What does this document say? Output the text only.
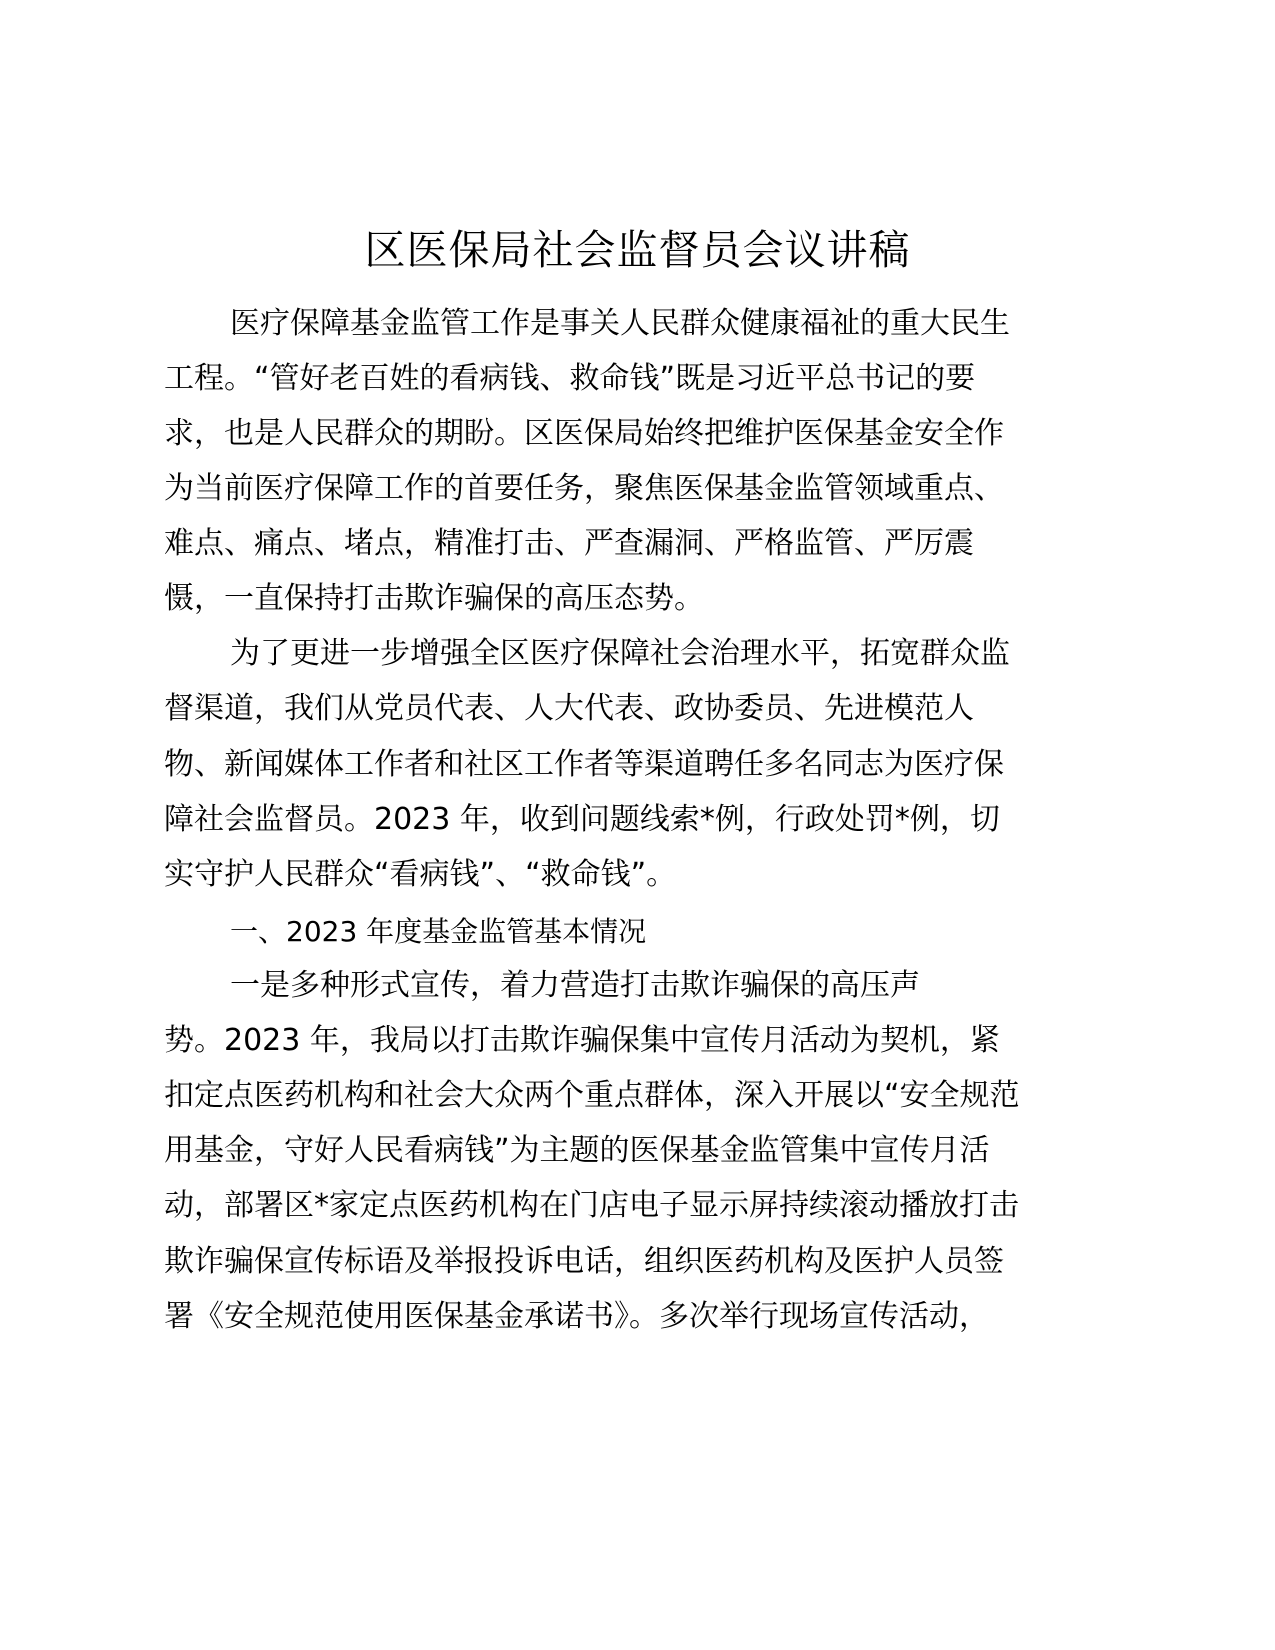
区医保局社会监督员会议讲稿
医疗保障基金监管工作是事关人民群众健康福祉的重大民生
工程。“管好老百姓的看病钱、救命钱”既是习近平总书记的要
求，也是人民群众的期盼。区医保局始终把维护医保基金安全作
为当前医疗保障工作的首要任务，聚焦医保基金监管领域重点、
难点、痛点、堵点，精准打击、严查漏洞、严格监管、严厉震
慑，一直保持打击欺诈骗保的高压态势。
为了更进一步增强全区医疗保障社会治理水平，拓宽群众监
督渠道，我们从党员代表、人大代表、政协委员、先进模范人
物、新闻媒体工作者和社区工作者等渠道聘任多名同志为医疗保
障社会监督员。2023 年，收到问题线索*例，行政处罚*例，切
实守护人民群众“看病钱”、“救命钱”。
一、2023 年度基金监管基本情况
一是多种形式宣传，着力营造打击欺诈骗保的高压声
势。2023 年，我局以打击欺诈骗保集中宣传月活动为契机，紧
扣定点医药机构和社会大众两个重点群体，深入开展以“安全规范
用基金，守好人民看病钱”为主题的医保基金监管集中宣传月活
动，部署区*家定点医药机构在门店电子显示屏持续滚动播放打击
欺诈骗保宣传标语及举报投诉电话，组织医药机构及医护人员签
署《安全规范使用医保基金承诺书》。多次举行现场宣传活动，
